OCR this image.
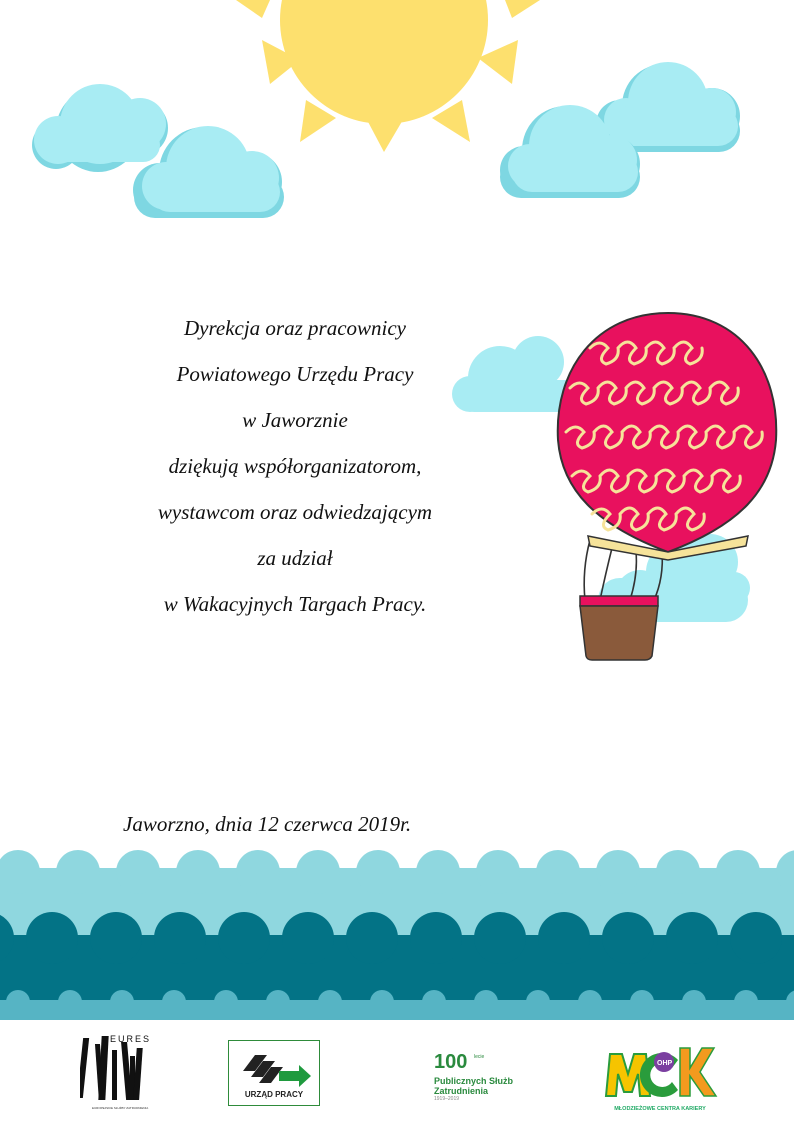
Dyrekcja oraz pracownicy
Powiatowego Urzędu Pracy
w Jaworznie
dziękują współorganizatorom,
wystawcom oraz odwiedzającym
za udział
w Wakacyjnych Targach Pracy.
Jaworzno, dnia 12 czerwca 2019r.
EURES
EUROPEJSKIE SŁUŻBY ZATRUDNIENIA
URZĄD PRACY
100 lecie
Publicznych Służb
Zatrudnienia
1919–2019
OHP
MŁODZIEŻOWE CENTRA KARIERY
